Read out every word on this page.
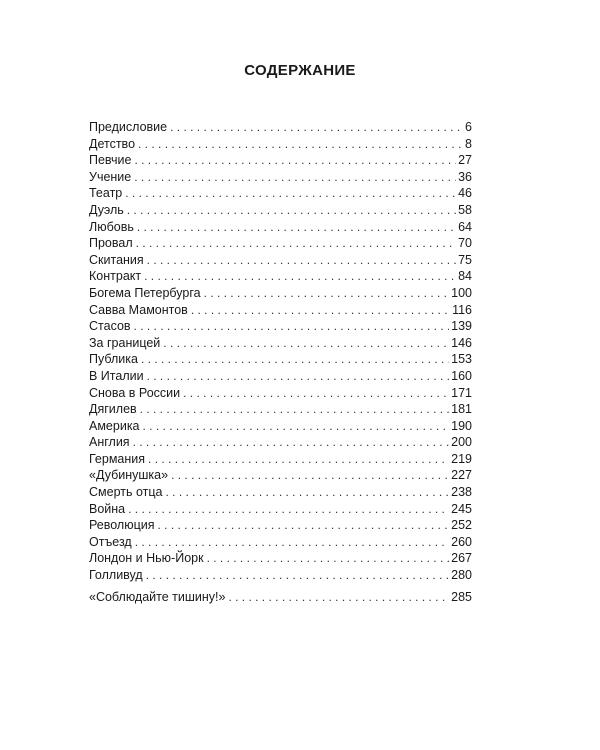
СОДЕРЖАНИЕ
Предисловие . . .	6
Детство . . .	8
Певчие . . .	27
Учение . . .	36
Театр . . .	46
Дуэль . . .	58
Любовь . . .	64
Провал . . .	70
Скитания . . .	75
Контракт . . .	84
Богема Петербурга . . .	100
Савва Мамонтов . . .	116
Стасов . . .	139
За границей . . .	146
Публика . . .	153
В Италии . . .	160
Снова в России . . .	171
Дягилев . . .	181
Америка . . .	190
Англия . . .	200
Германия . . .	219
«Дубинушка» . . .	227
Смерть отца . . .	238
Война . . .	245
Революция . . .	252
Отъезд . . .	260
Лондон и Нью-Йорк . . .	267
Голливуд . . .	280
«Соблюдайте тишину!» . . .	285
